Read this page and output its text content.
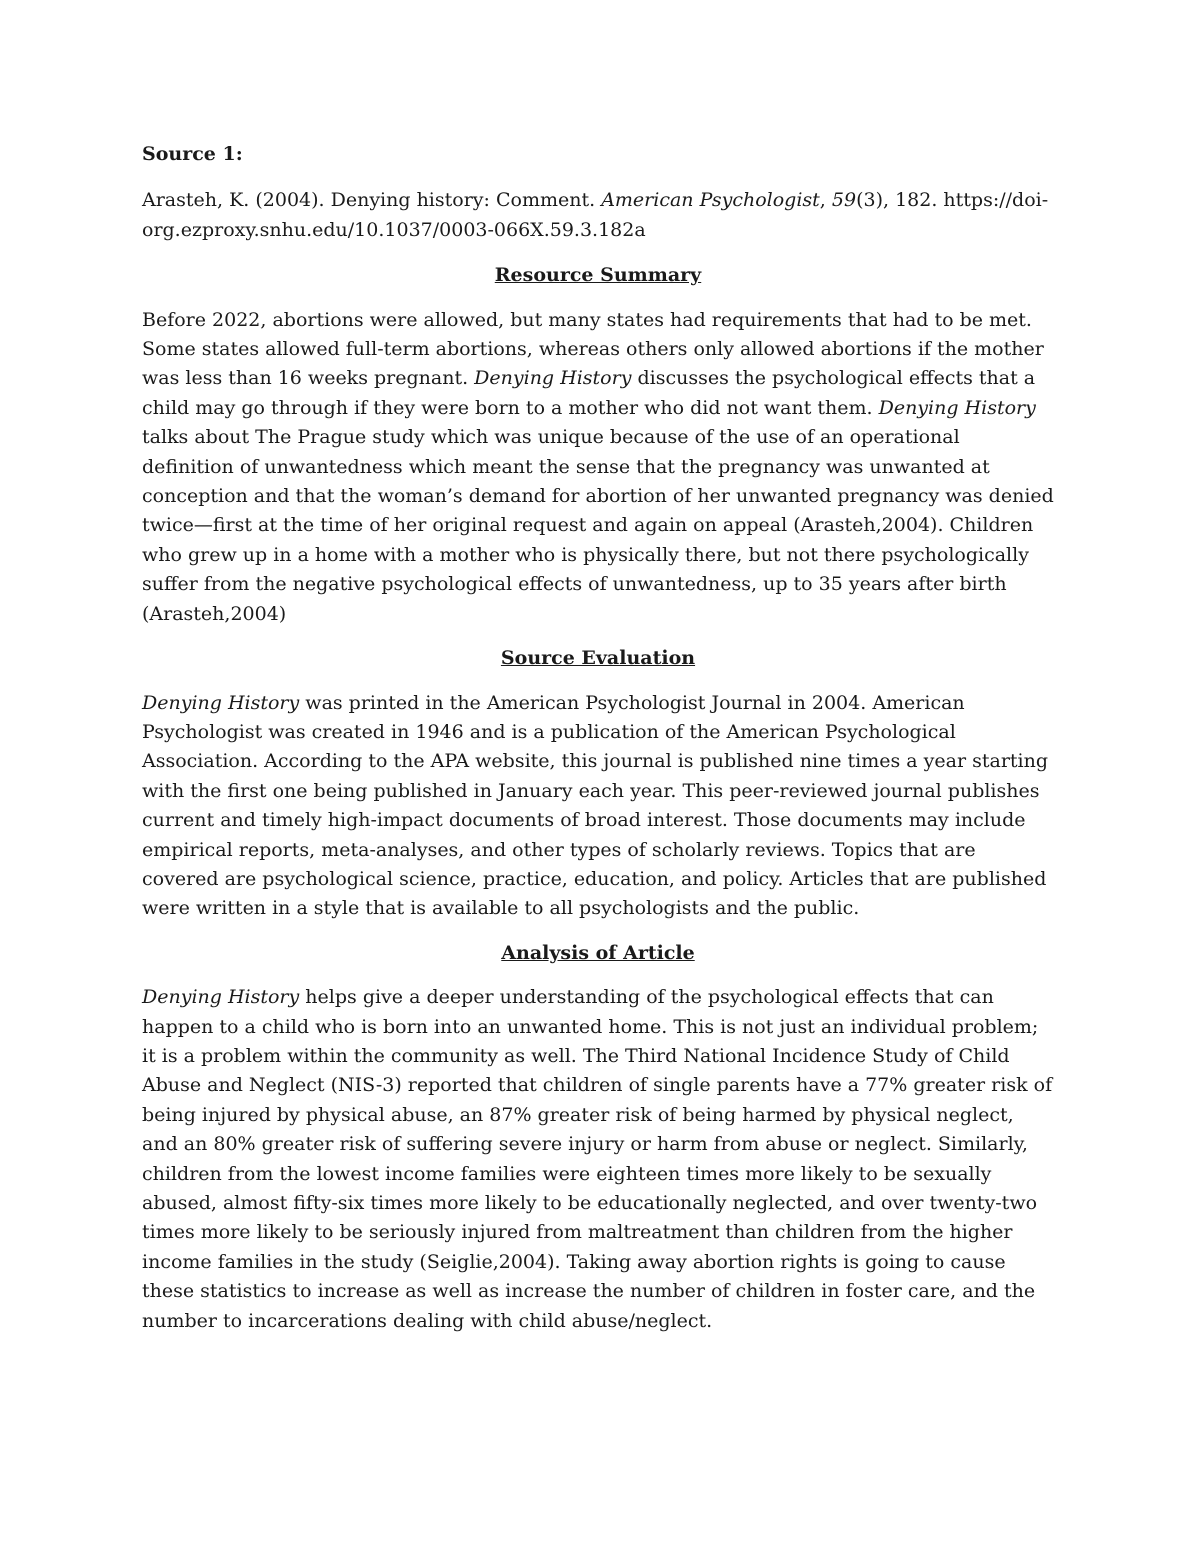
Source 1:

Arasteh, K. (2004). Denying history: Comment. American Psychologist, 59(3), 182. https://doi-org.ezproxy.snhu.edu/10.1037/0003-066X.59.3.182a

Resource Summary

Before 2022, abortions were allowed, but many states had requirements that had to be met. Some states allowed full-term abortions, whereas others only allowed abortions if the mother was less than 16 weeks pregnant. Denying History discusses the psychological effects that a child may go through if they were born to a mother who did not want them. Denying History talks about The Prague study which was unique because of the use of an operational definition of unwantedness which meant the sense that the pregnancy was unwanted at conception and that the woman’s demand for abortion of her unwanted pregnancy was denied twice—first at the time of her original request and again on appeal (Arasteh,2004). Children who grew up in a home with a mother who is physically there, but not there psychologically suffer from the negative psychological effects of unwantedness, up to 35 years after birth (Arasteh,2004)

Source Evaluation

Denying History was printed in the American Psychologist Journal in 2004. American Psychologist was created in 1946 and is a publication of the American Psychological Association. According to the APA website, this journal is published nine times a year starting with the first one being published in January each year. This peer-reviewed journal publishes current and timely high-impact documents of broad interest. Those documents may include empirical reports, meta-analyses, and other types of scholarly reviews. Topics that are covered are psychological science, practice, education, and policy. Articles that are published were written in a style that is available to all psychologists and the public.

Analysis of Article

Denying History helps give a deeper understanding of the psychological effects that can happen to a child who is born into an unwanted home. This is not just an individual problem; it is a problem within the community as well. The Third National Incidence Study of Child Abuse and Neglect (NIS-3) reported that children of single parents have a 77% greater risk of being injured by physical abuse, an 87% greater risk of being harmed by physical neglect, and an 80% greater risk of suffering severe injury or harm from abuse or neglect. Similarly, children from the lowest income families were eighteen times more likely to be sexually abused, almost fifty-six times more likely to be educationally neglected, and over twenty-two times more likely to be seriously injured from maltreatment than children from the higher income families in the study (Seiglie,2004). Taking away abortion rights is going to cause these statistics to increase as well as increase the number of children in foster care, and the number to incarcerations dealing with child abuse/neglect.
